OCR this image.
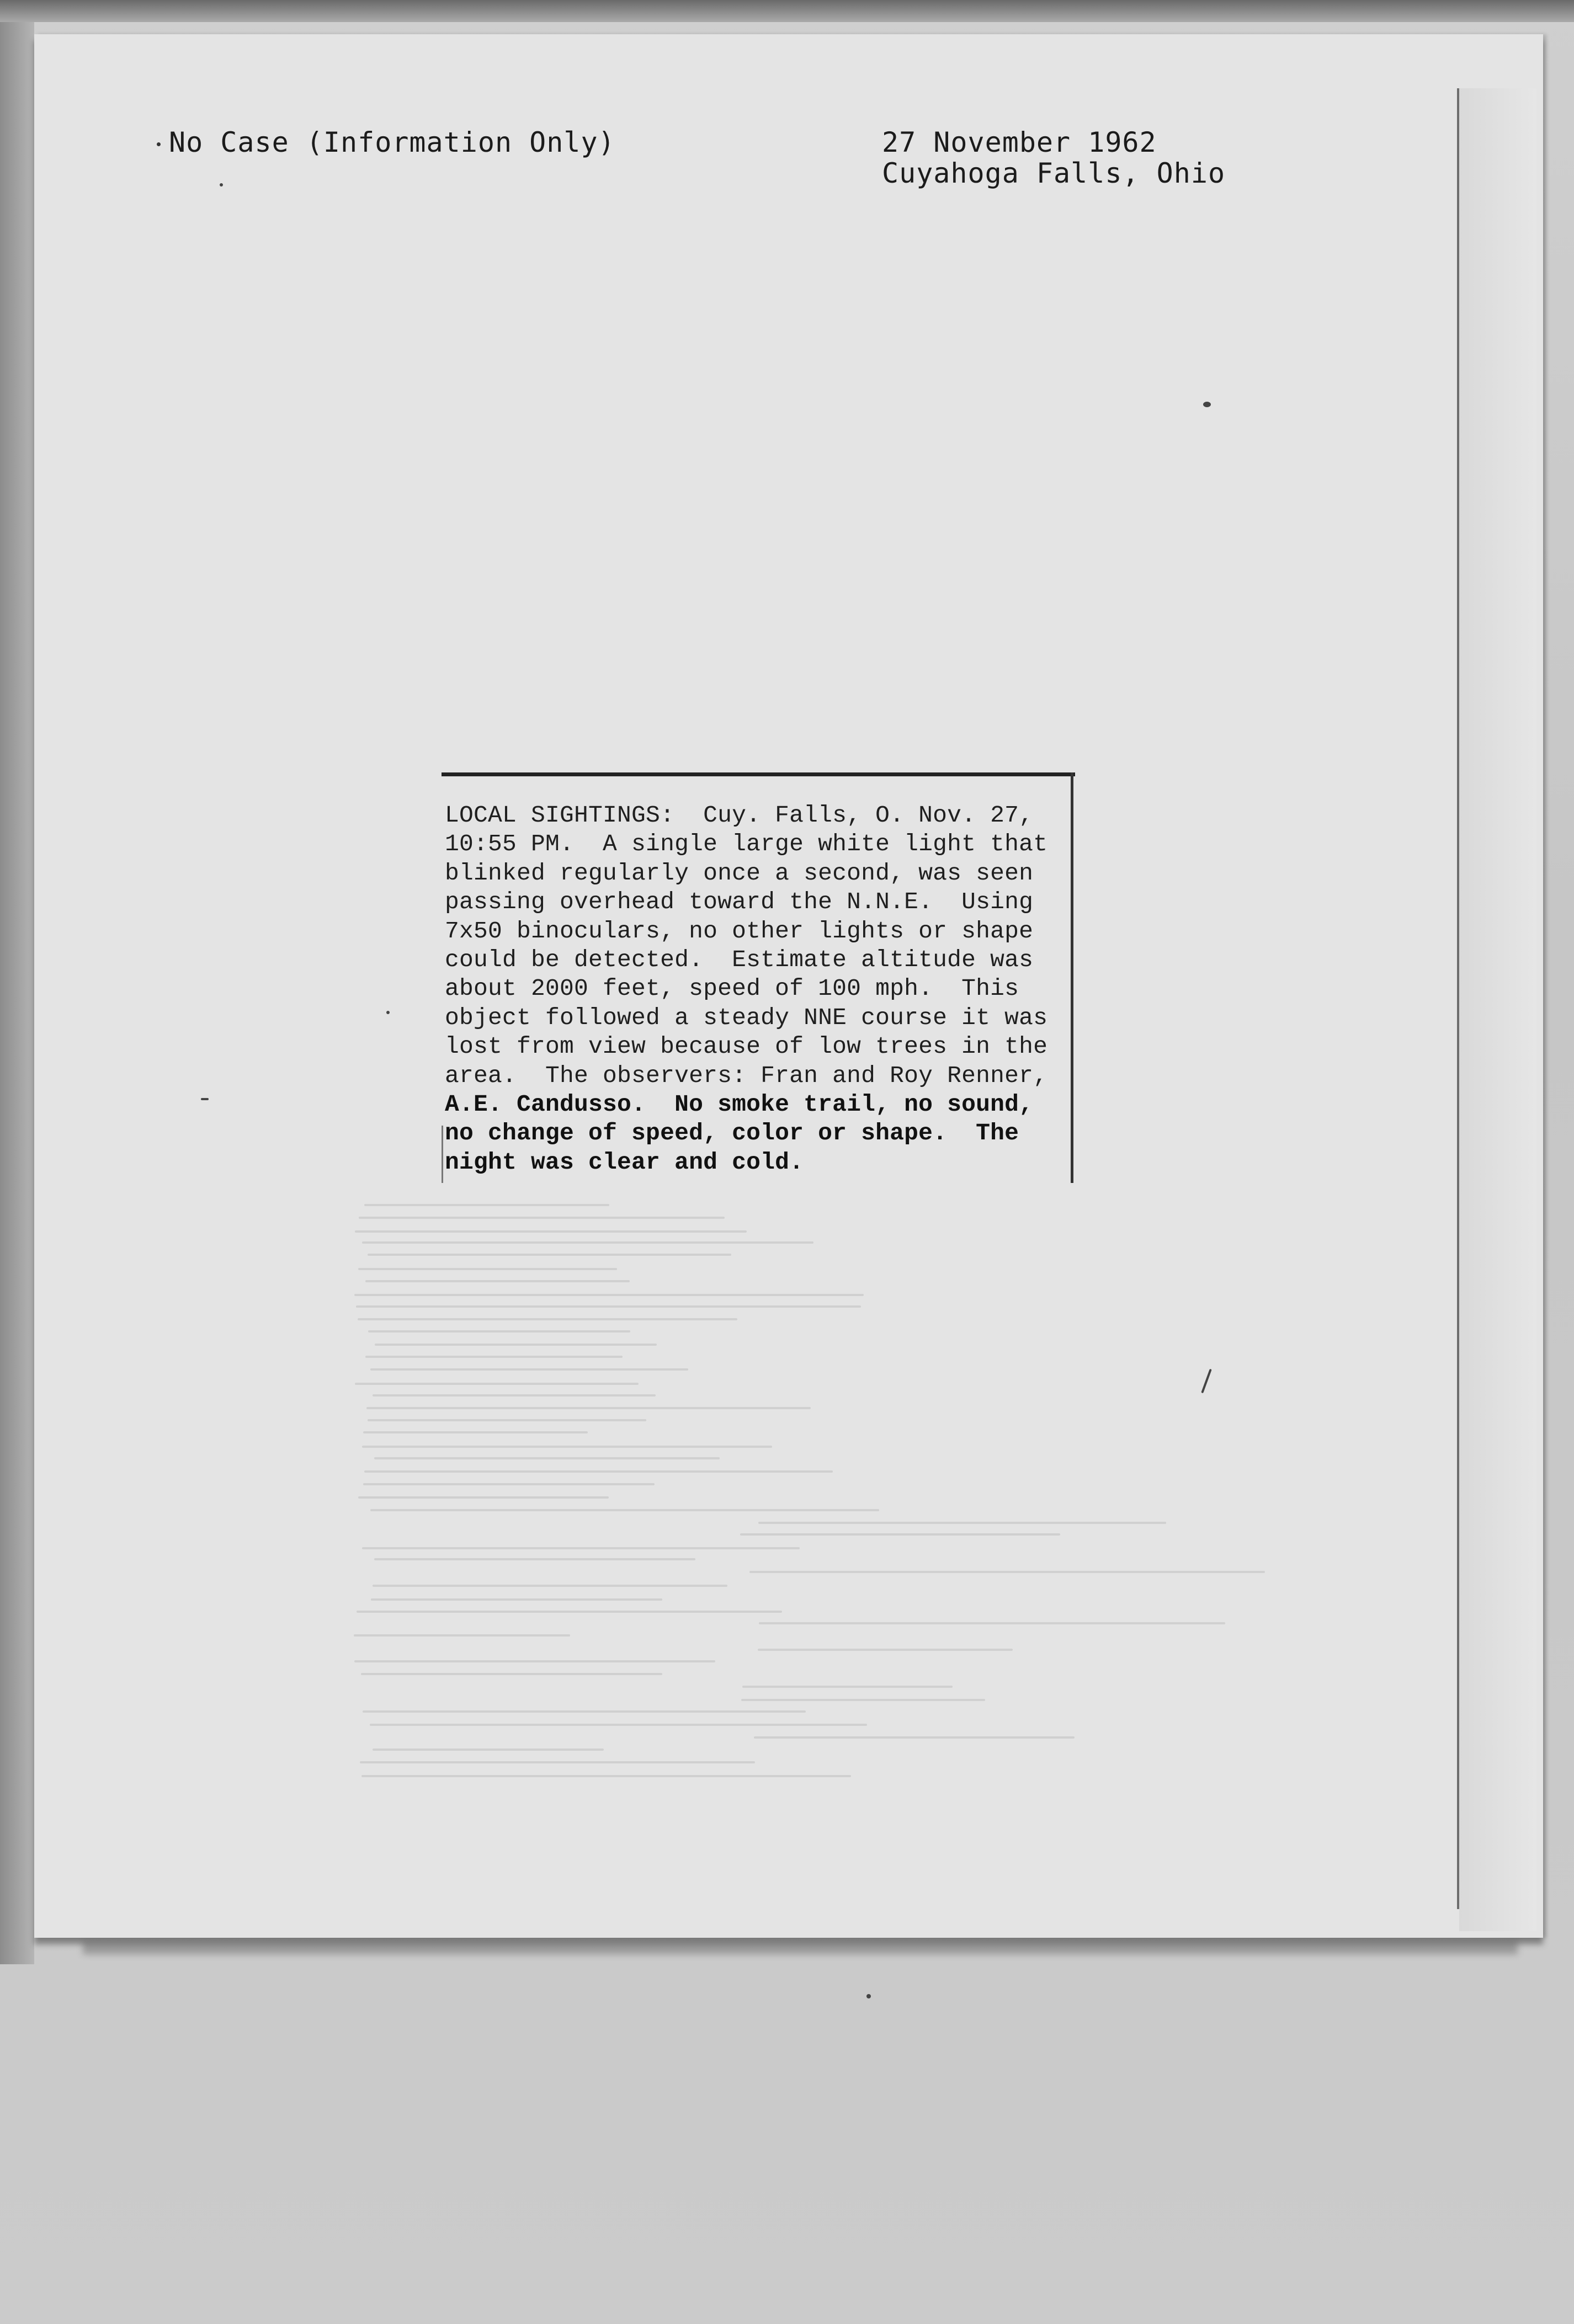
No Case (Information Only)	27 November 1962
Cuyahoga Falls, Ohio
LOCAL SIGHTINGS:  Cuy. Falls, O. Nov. 27,
10:55 PM.  A single large white light that
blinked regularly once a second, was seen
passing overhead toward the N.N.E.  Using
7x50 binoculars, no other lights or shape
could be detected.  Estimate altitude was
about 2000 feet, speed of 100 mph.  This
object followed a steady NNE course it was
lost from view because of low trees in the
area.  The observers: Fran and Roy Renner,
A.E. Candusso.  No smoke trail, no sound,
no change of speed, color or shape.  The
night was clear and cold.
